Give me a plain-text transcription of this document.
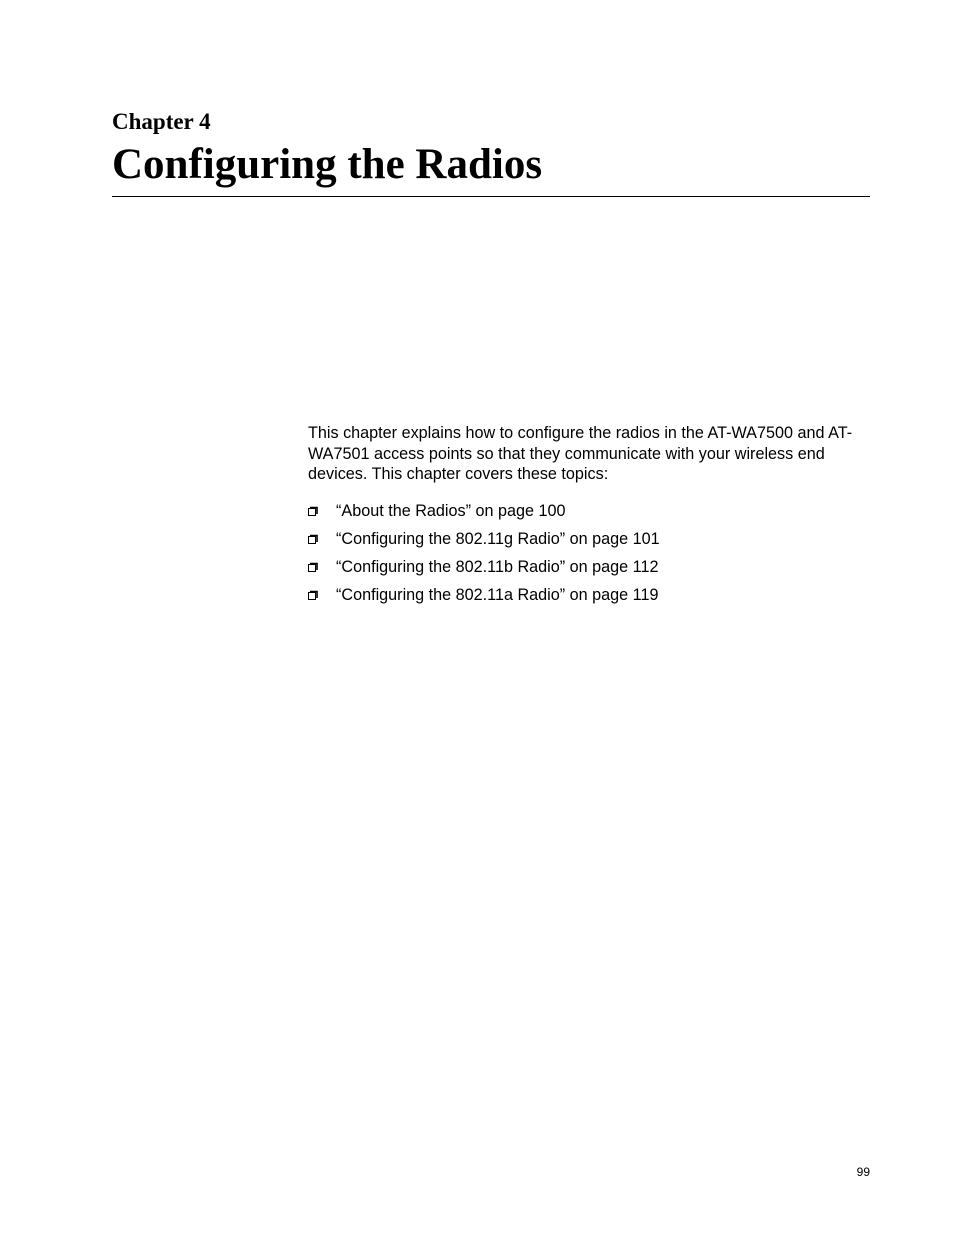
Chapter 4
Configuring the Radios

This chapter explains how to configure the radios in the AT-WA7500 and AT-WA7501 access points so that they communicate with your wireless end devices. This chapter covers these topics:

“About the Radios” on page 100
“Configuring the 802.11g Radio” on page 101
“Configuring the 802.11b Radio” on page 112
“Configuring the 802.11a Radio” on page 119
99
